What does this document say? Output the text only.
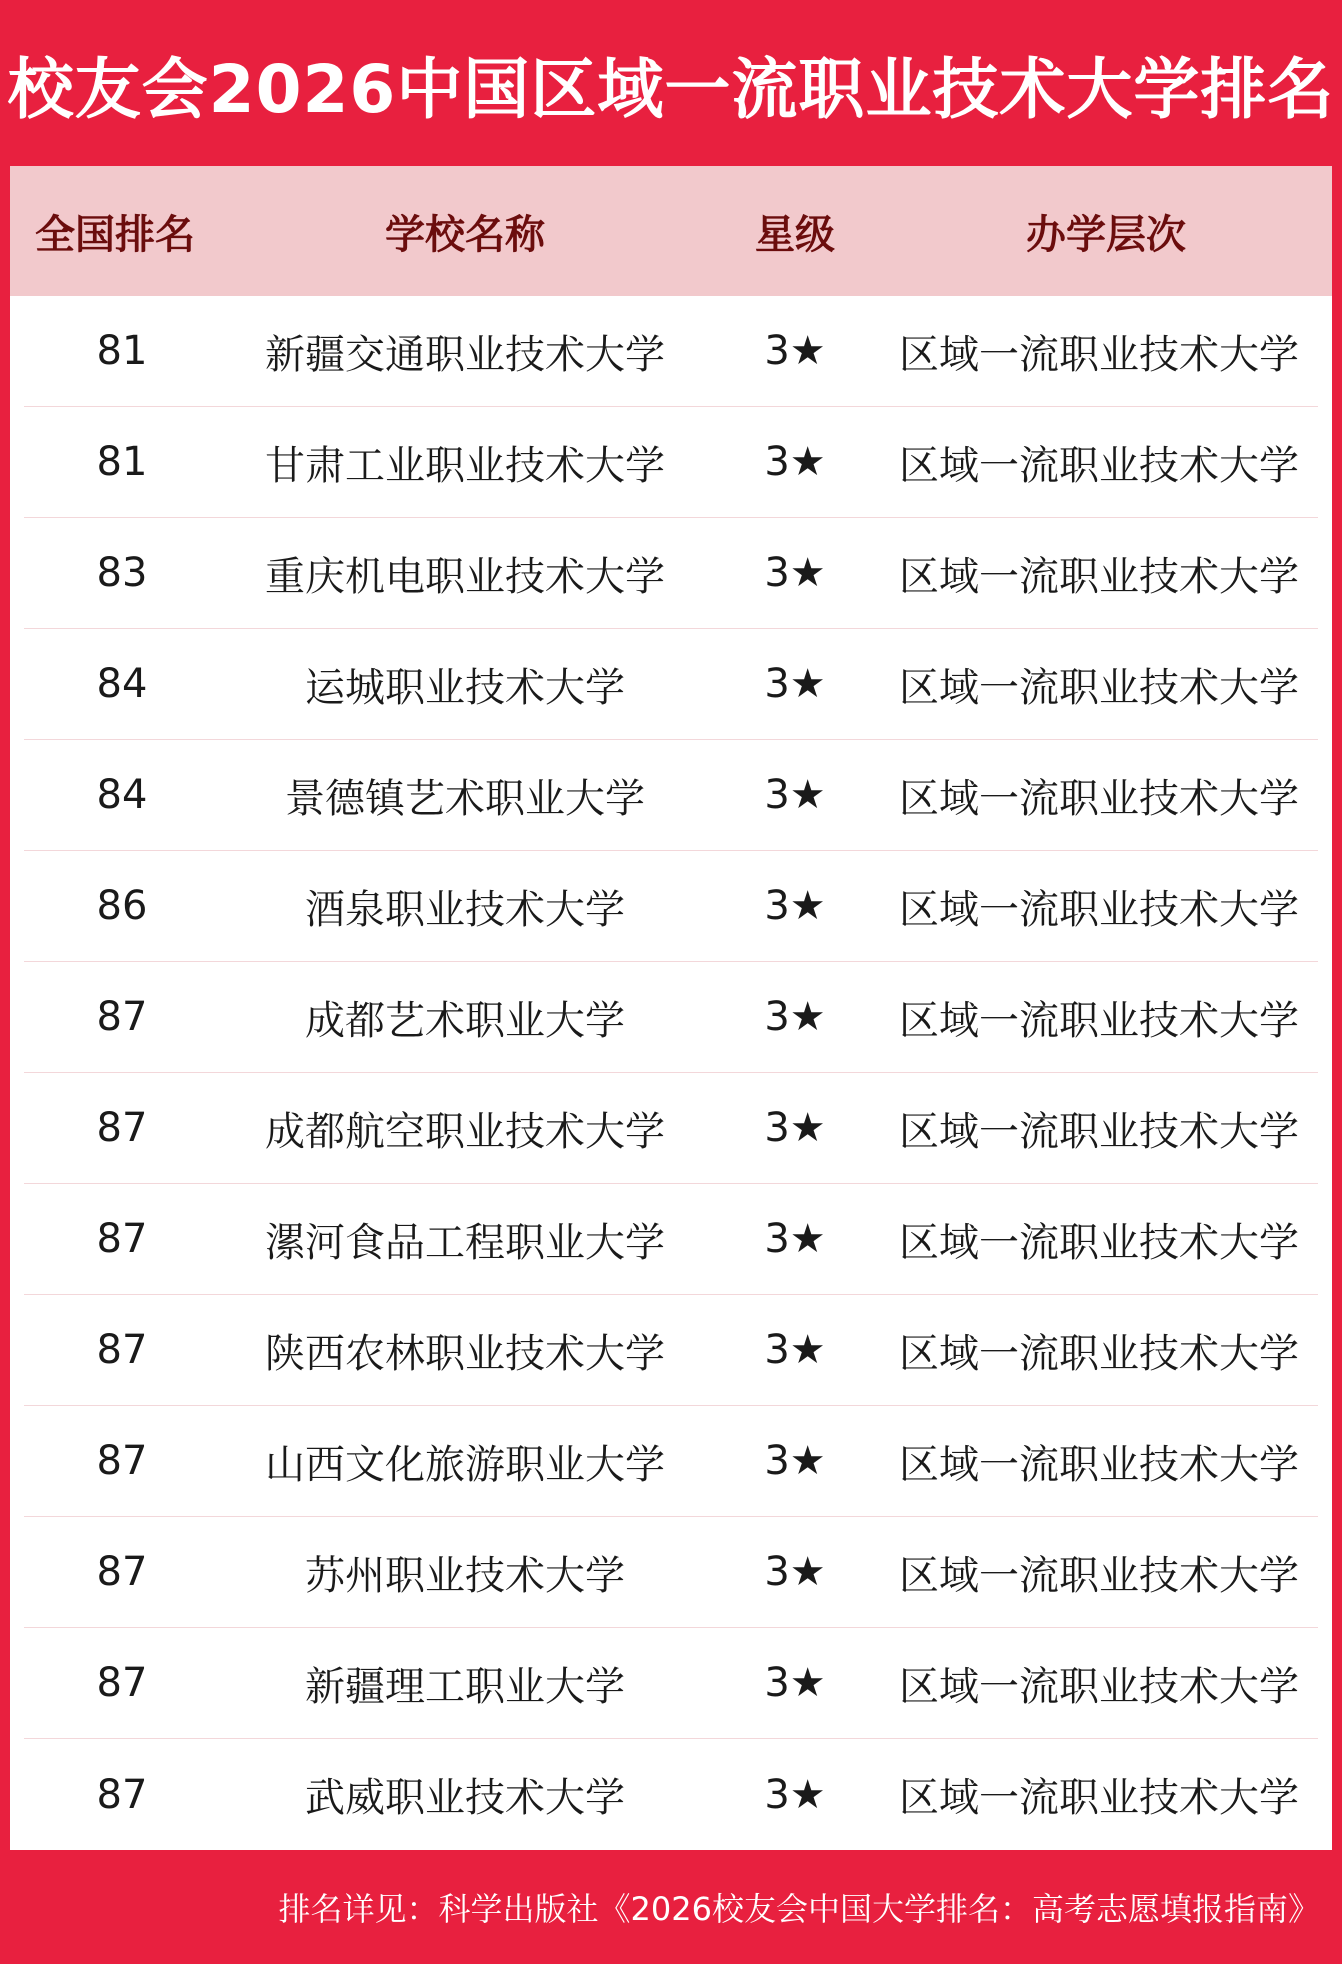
校友会2026中国区域一流职业技术大学排名
全国排名	学校名称	星级	办学层次
81	新疆交通职业技术大学	3★	区域一流职业技术大学
81	甘肃工业职业技术大学	3★	区域一流职业技术大学
83	重庆机电职业技术大学	3★	区域一流职业技术大学
84	运城职业技术大学	3★	区域一流职业技术大学
84	景德镇艺术职业大学	3★	区域一流职业技术大学
86	酒泉职业技术大学	3★	区域一流职业技术大学
87	成都艺术职业大学	3★	区域一流职业技术大学
87	成都航空职业技术大学	3★	区域一流职业技术大学
87	漯河食品工程职业大学	3★	区域一流职业技术大学
87	陕西农林职业技术大学	3★	区域一流职业技术大学
87	山西文化旅游职业大学	3★	区域一流职业技术大学
87	苏州职业技术大学	3★	区域一流职业技术大学
87	新疆理工职业大学	3★	区域一流职业技术大学
87	武威职业技术大学	3★	区域一流职业技术大学
排名详见：科学出版社《2026校友会中国大学排名：高考志愿填报指南》
